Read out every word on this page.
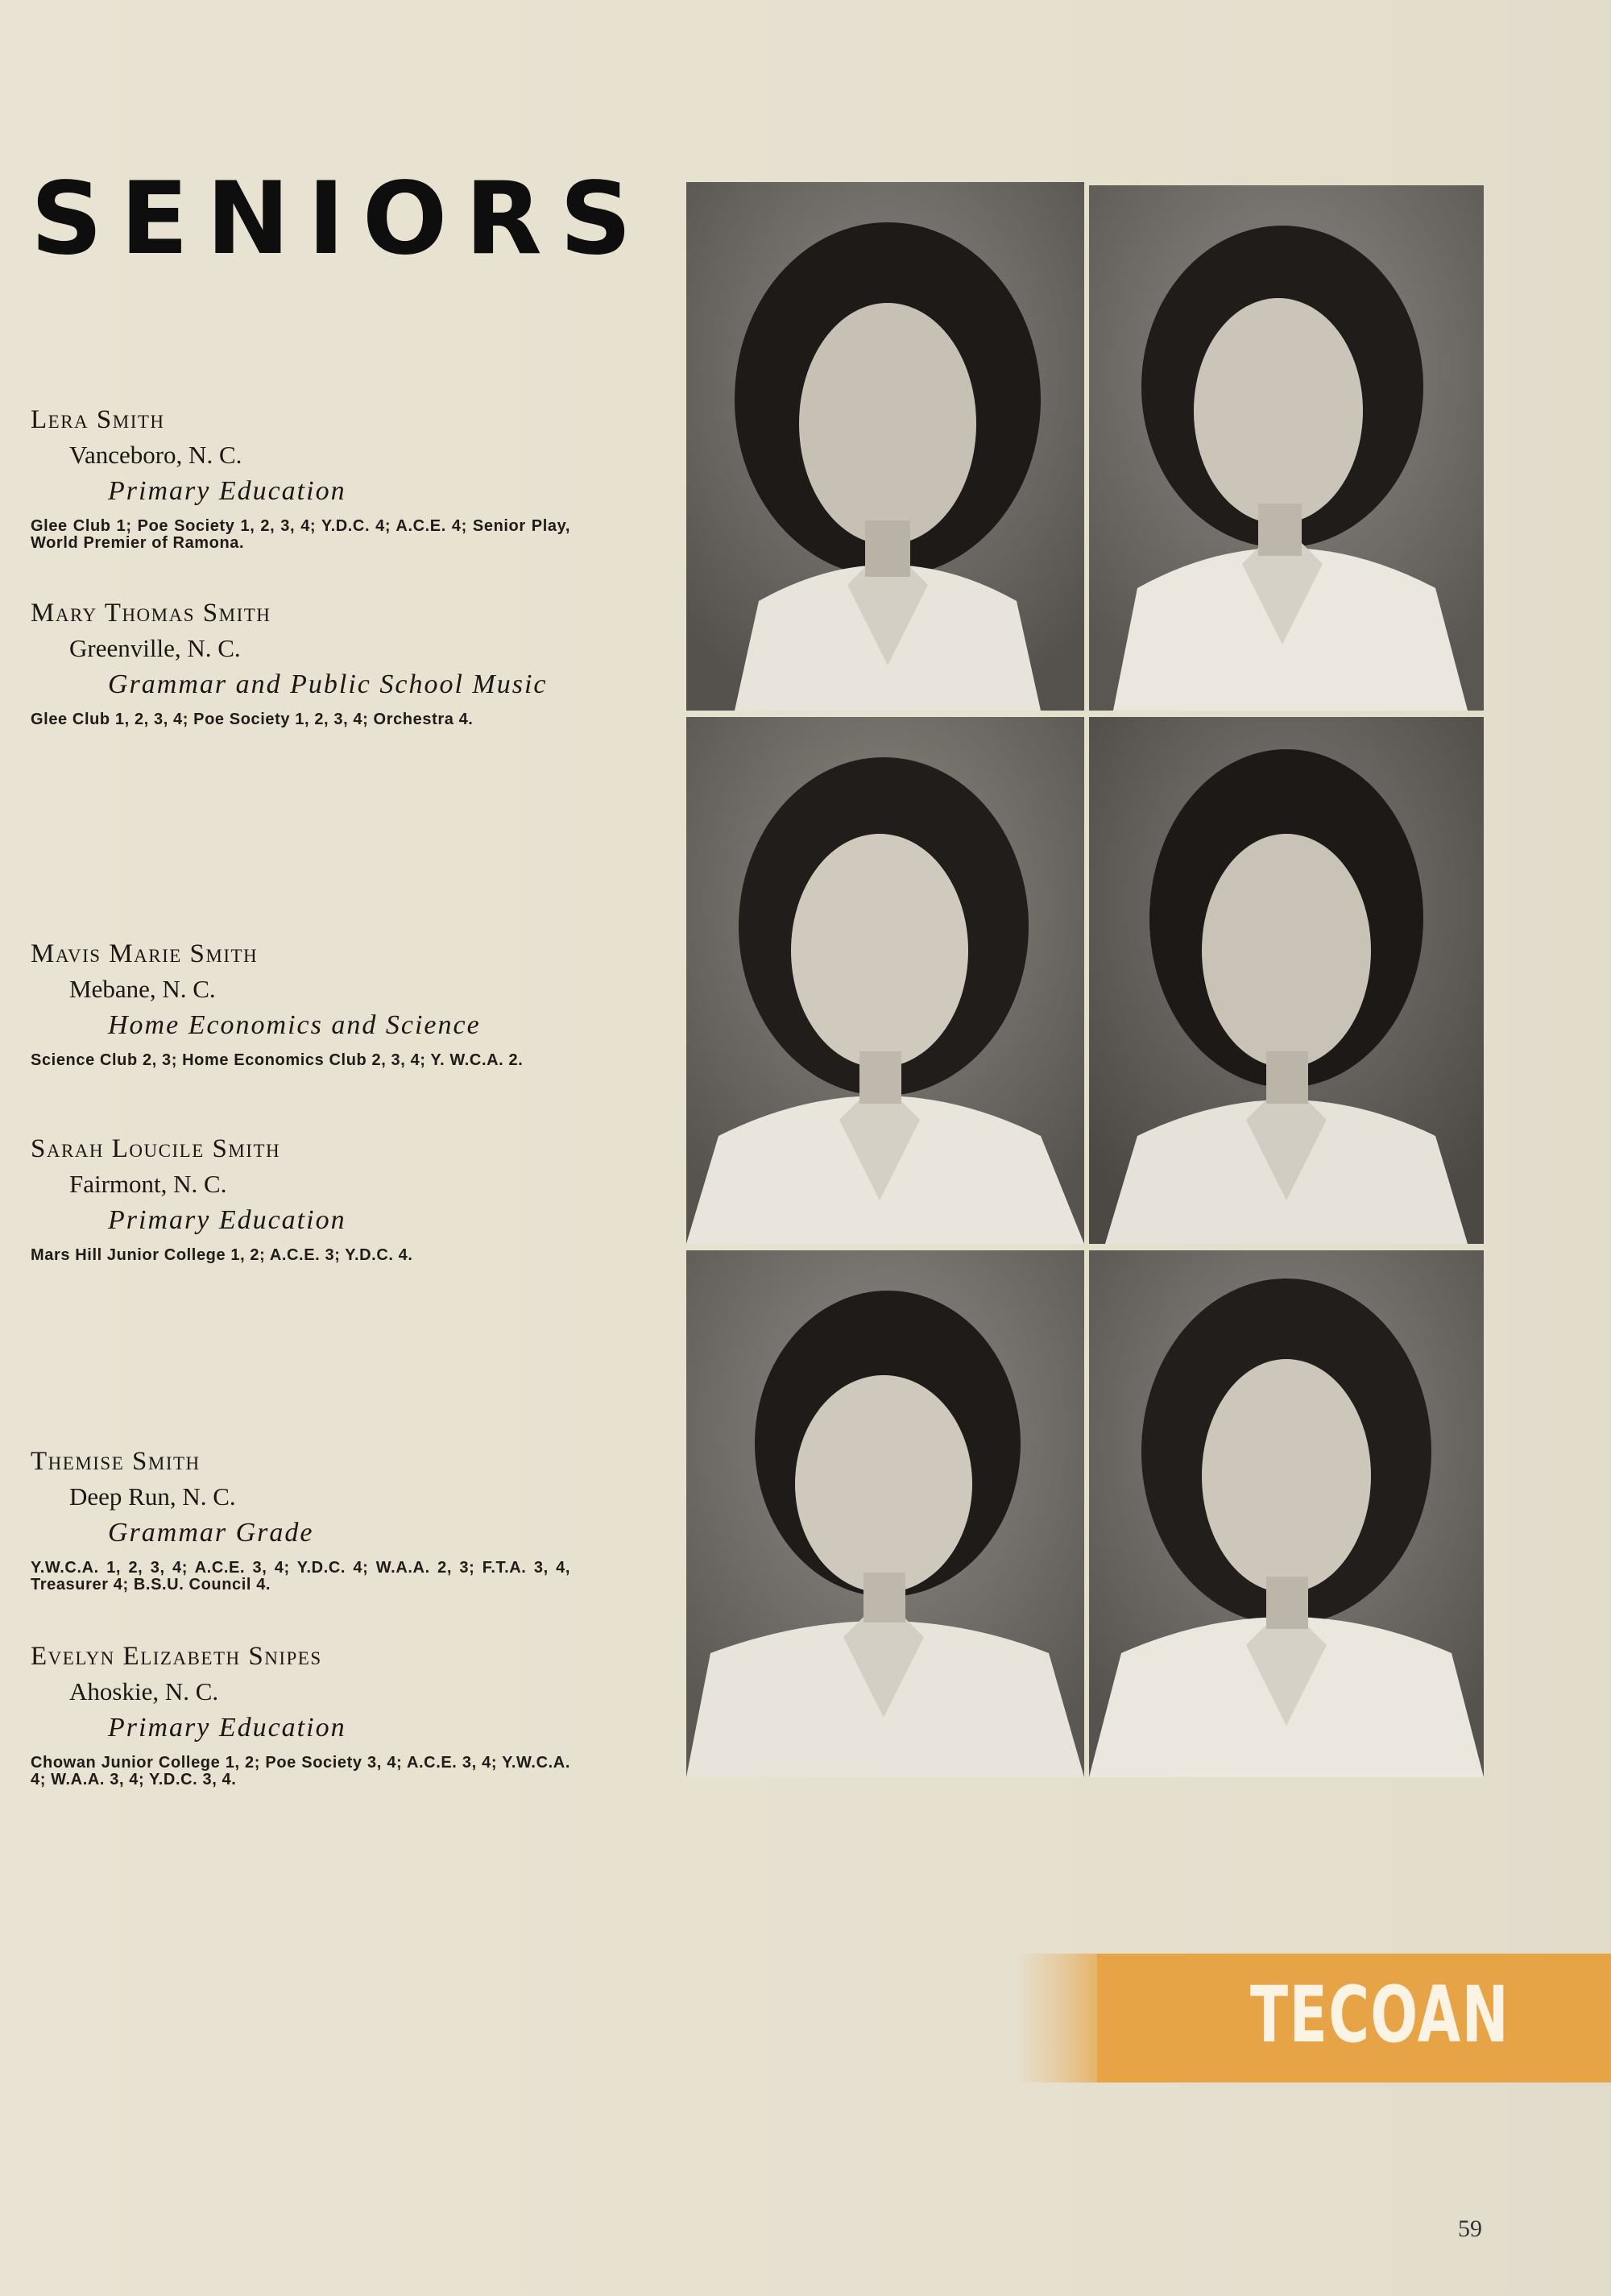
SENIORS
Lera Smith
Vanceboro, N. C.
Primary Education
Glee Club 1; Poe Society 1, 2, 3, 4; Y.D.C. 4; A.C.E. 4; Senior Play, World Premier of Ramona.
Mary Thomas Smith
Greenville, N. C.
Grammar and Public School Music
Glee Club 1, 2, 3, 4; Poe Society 1, 2, 3, 4; Orchestra 4.
Mavis Marie Smith
Mebane, N. C.
Home Economics and Science
Science Club 2, 3; Home Economics Club 2, 3, 4; Y. W.C.A. 2.
Sarah Loucile Smith
Fairmont, N. C.
Primary Education
Mars Hill Junior College 1, 2; A.C.E. 3; Y.D.C. 4.
Themise Smith
Deep Run, N. C.
Grammar Grade
Y.W.C.A. 1, 2, 3, 4; A.C.E. 3, 4; Y.D.C. 4; W.A.A. 2, 3; F.T.A. 3, 4, Treasurer 4; B.S.U. Council 4.
Evelyn Elizabeth Snipes
Ahoskie, N. C.
Primary Education
Chowan Junior College 1, 2; Poe Society 3, 4; A.C.E. 3, 4; Y.W.C.A. 4; W.A.A. 3, 4; Y.D.C. 3, 4.
TECOAN
59
